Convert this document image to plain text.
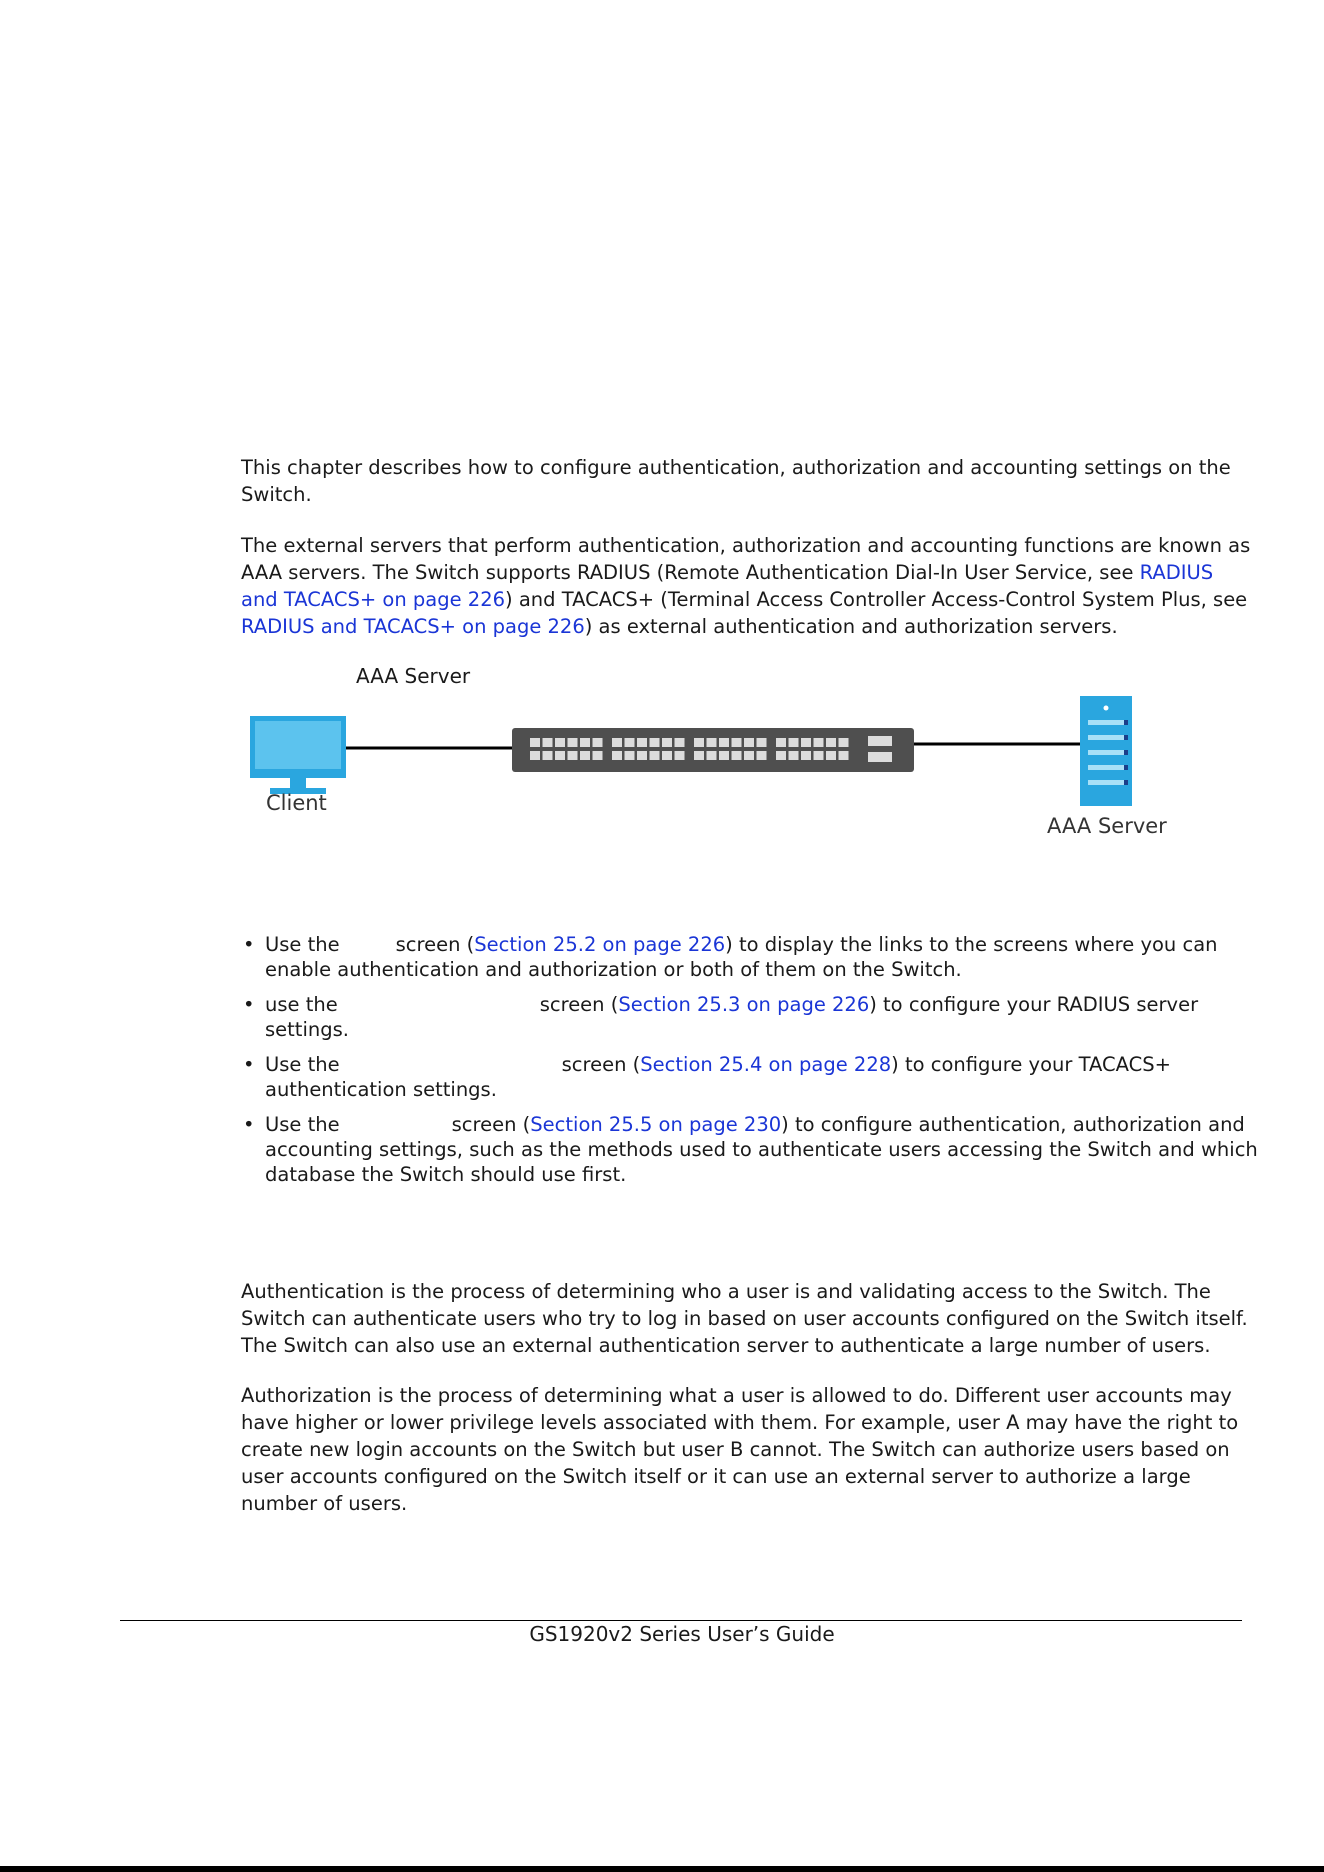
This chapter describes how to configure authentication, authorization and accounting settings on the Switch.

The external servers that perform authentication, authorization and accounting functions are known as AAA servers. The Switch supports RADIUS (Remote Authentication Dial-In User Service, see RADIUS and TACACS+ on page 226) and TACACS+ (Terminal Access Controller Access-Control System Plus, see RADIUS and TACACS+ on page 226) as external authentication and authorization servers.

AAA Server
Client
AAA Server
• Use the	screen (Section 25.2 on page 226) to display the links to the screens where you can enable authentication and authorization or both of them on the Switch.
• use the	screen (Section 25.3 on page 226) to configure your RADIUS server settings.
• Use the	screen (Section 25.4 on page 228) to configure your TACACS+ authentication settings.
• Use the	screen (Section 25.5 on page 230) to configure authentication, authorization and accounting settings, such as the methods used to authenticate users accessing the Switch and which database the Switch should use first.

Authentication is the process of determining who a user is and validating access to the Switch. The Switch can authenticate users who try to log in based on user accounts configured on the Switch itself. The Switch can also use an external authentication server to authenticate a large number of users.

Authorization is the process of determining what a user is allowed to do. Different user accounts may have higher or lower privilege levels associated with them. For example, user A may have the right to create new login accounts on the Switch but user B cannot. The Switch can authorize users based on user accounts configured on the Switch itself or it can use an external server to authorize a large number of users.

GS1920v2 Series User’s Guide
